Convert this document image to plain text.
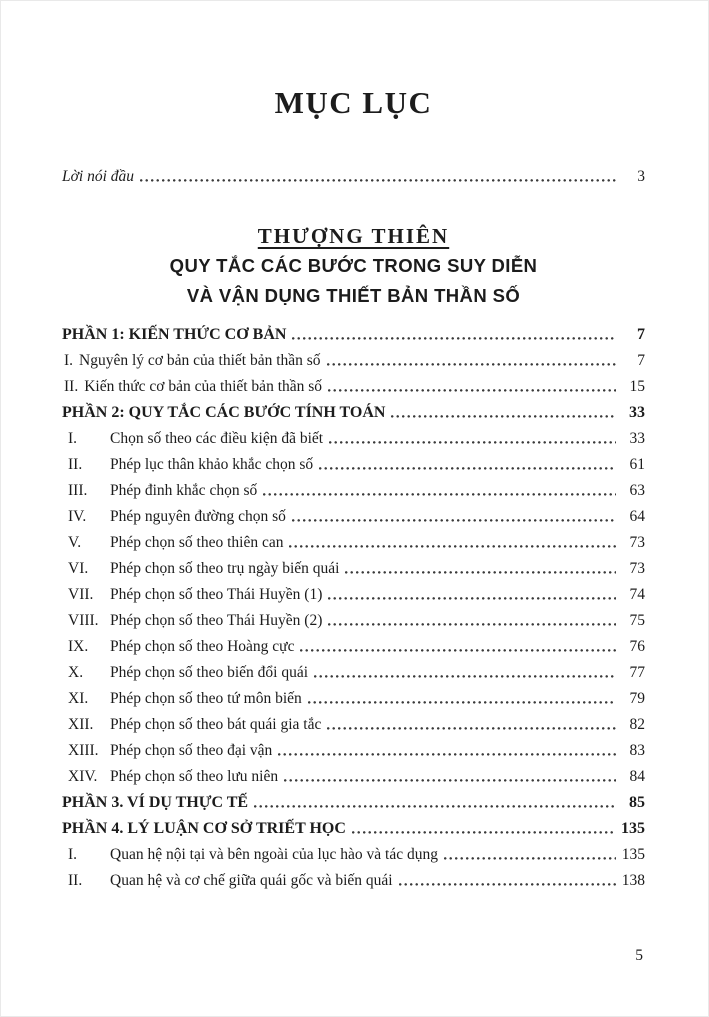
MỤC LỤC
Lời nói đầu	3
THƯỢNG THIÊN
QUY TẮC CÁC BƯỚC TRONG SUY DIỄN
VÀ VẬN DỤNG THIẾT BẢN THẦN SỐ
PHẦN 1: KIẾN THỨC CƠ BẢN	7
I. Nguyên lý cơ bản của thiết bản thần số	7
II. Kiến thức cơ bản của thiết bản thần số	15
PHẦN 2: QUY TẮC CÁC BƯỚC TÍNH TOÁN	33
I.	Chọn số theo các điều kiện đã biết	33
II.	Phép lục thân khảo khắc chọn số	61
III.	Phép đinh khắc chọn số	63
IV.	Phép nguyên đường chọn số	64
V.	Phép chọn số theo thiên can	73
VI.	Phép chọn số theo trụ ngày biến quái	73
VII.	Phép chọn số theo Thái Huyền (1)	74
VIII. Phép chọn số theo Thái Huyền (2)	75
IX.	Phép chọn số theo Hoàng cực	76
X.	Phép chọn số theo biến đổi quái	77
XI.	Phép chọn số theo tứ môn biến	79
XII.	Phép chọn số theo bát quái gia tắc	82
XIII. Phép chọn số theo đại vận	83
XIV. Phép chọn số theo lưu niên	84
PHẦN 3. VÍ DỤ THỰC TẾ	85
PHẦN 4. LÝ LUẬN CƠ SỞ TRIẾT HỌC	135
I.	Quan hệ nội tại và bên ngoài của lục hào và tác dụng	135
II.	Quan hệ và cơ chế giữa quái gốc và biến quái	138
5
